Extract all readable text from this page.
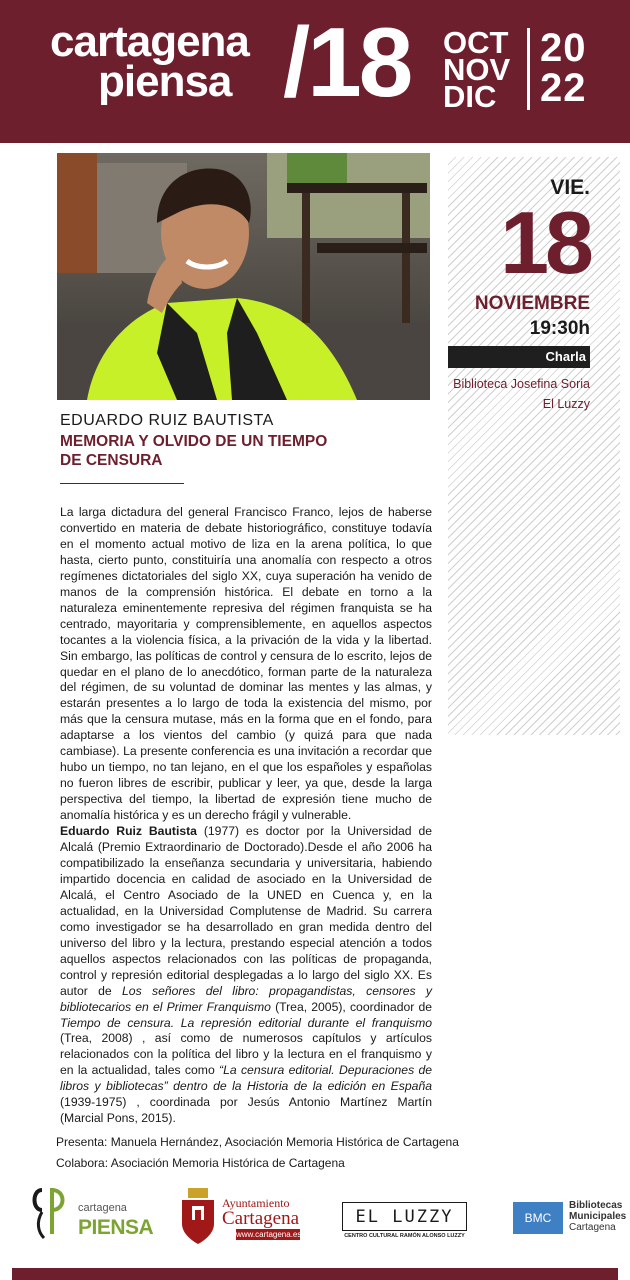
cartagena
piensa /18 OCT
NOV
DIC
20
22
VIE.
18
NOVIEMBRE
19:30h
Charla
Biblioteca Josefina Soria
El Luzzy
EDUARDO RUIZ BAUTISTA
MEMORIA Y OLVIDO DE UN TIEMPO
DE CENSURA

La larga dictadura del general Francisco Franco, lejos de haberse convertido en materia de debate historiográfico, constituye todavía en el momento actual motivo de liza en la arena política, lo que hasta, cierto punto, constituiría una anomalía con respecto a otros regímenes dictatoriales del siglo XX, cuya superación ha venido de manos de la comprensión histórica. El debate en torno a la naturaleza eminentemente represiva del régimen franquista se ha centrado, mayoritaria y comprensiblemente, en aquellos aspectos tocantes a la violencia física, a la privación de la vida y la libertad. Sin embargo, las políticas de control y censura de lo escrito, lejos de quedar en el plano de lo anecdótico, forman parte de la naturaleza del régimen, de su voluntad de dominar las mentes y las almas, y estarán presentes a lo largo de toda la existencia del mismo, por más que la censura mutase, más en la forma que en el fondo, para adaptarse a los vientos del cambio (y quizá para que nada cambiase). La presente conferencia es una invitación a recordar que hubo un tiempo, no tan lejano, en el que los españoles y españolas no fueron libres de escribir, publicar y leer, ya que, desde la larga perspectiva del tiempo, la libertad de expresión tiene mucho de anomalía histórica y es un derecho frágil y vulnerable.

Eduardo Ruiz Bautista (1977) es doctor por la Universidad de Alcalá (Premio Extraordinario de Doctorado).Desde el año 2006 ha compatibilizado la enseñanza secundaria y universitaria, habiendo impartido docencia en calidad de asociado en la Universidad de Alcalá, el Centro Asociado de la UNED en Cuenca y, en la actualidad, en la Universidad Complutense de Madrid. Su carrera como investigador se ha desarrollado en gran medida dentro del universo del libro y la lectura, prestando especial atención a todos aquellos aspectos relacionados con las políticas de propaganda, control y represión editorial desplegadas a lo largo del siglo XX. Es autor de Los señores del libro: propagandistas, censores y bibliotecarios en el Primer Franquismo (Trea, 2005), coordinador de Tiempo de censura. La represión editorial durante el franquismo (Trea, 2008) , así como de numerosos capítulos y artículos relacionados con la política del libro y la lectura en el franquismo y en la actualidad, tales como “La censura editorial. Depuraciones de libros y bibliotecas” dentro de la Historia de la edición en España (1939-1975) , coordinada por Jesús Antonio Martínez Martín (Marcial Pons, 2015).

Presenta: Manuela Hernández, Asociación Memoria Histórica de Cartagena
Colabora: Asociación Memoria Histórica de Cartagena
cartagena
PIENSA
Ayuntamiento
Cartagena
www.cartagena.es
EL LUZZY
CENTRO CULTURAL RAMÓN ALONSO LUZZY
BMC
Bibliotecas
Municipales
Cartagena
